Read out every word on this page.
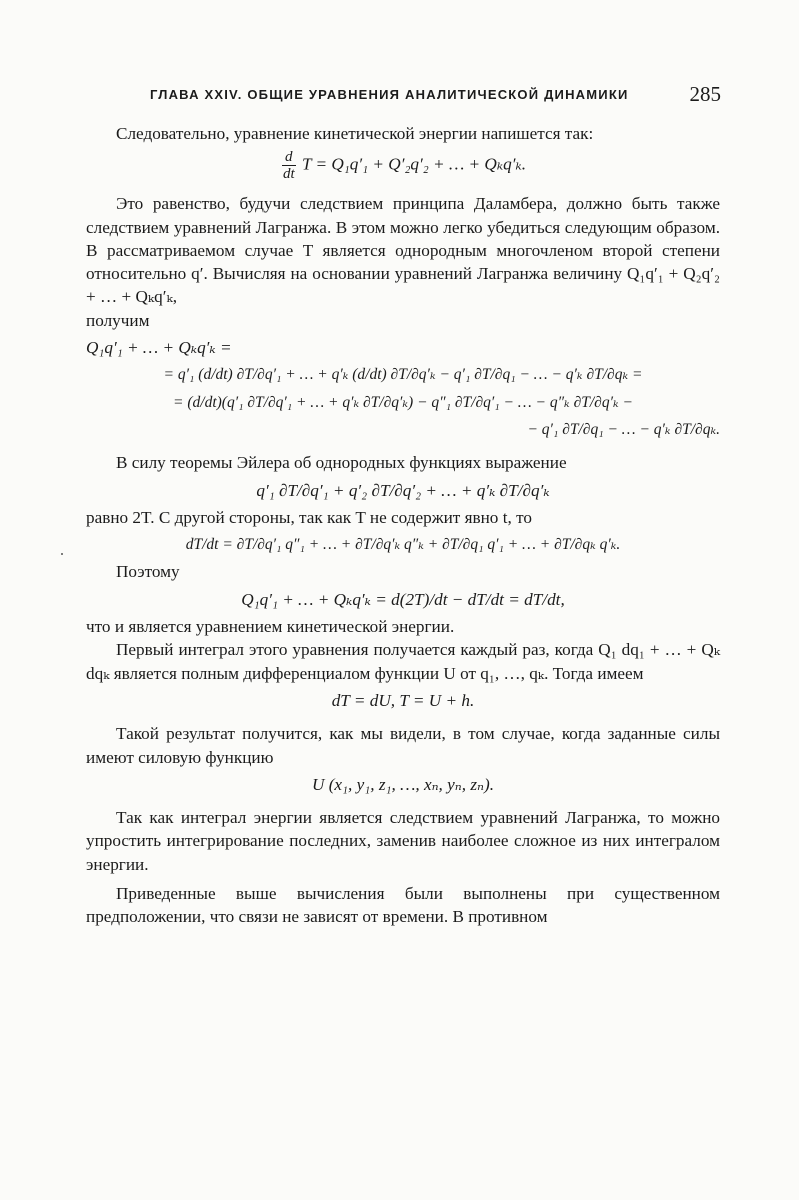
ГЛАВА XXIV. ОБЩИЕ УРАВНЕНИЯ АНАЛИТИЧЕСКОЙ ДИНАМИКИ	285

Следовательно, уравнение кинетической энергии напишется так:

$\frac{d}{dt}$ T = Q₁q′₁ + Q′₂q′₂ + … + Qₖq′ₖ.

Это равенство, будучи следствием принципа Даламбера, должно быть также следствием уравнений Лагранжа. В этом можно легко убедиться следующим образом. В рассматриваемом случае T является однородным многочленом второй степени относительно q′. Вычисляя на основании уравнений Лагранжа величину Q₁q′₁ + Q₂q′₂ + … + Qₖq′ₖ,

получим

Q₁q′₁ + … + Qₖq′ₖ =
= q′₁ (d/dt) ∂T/∂q′₁ + … + q′ₖ (d/dt) ∂T/∂q′ₖ − q′₁ ∂T/∂q₁ − … − q′ₖ ∂T/∂qₖ =
= (d/dt)(q′₁ ∂T/∂q′₁ + … + q′ₖ ∂T/∂q′ₖ) − q″₁ ∂T/∂q′₁ − … − q″ₖ ∂T/∂q′ₖ −
− q′₁ ∂T/∂q₁ − … − q′ₖ ∂T/∂qₖ.

В силу теоремы Эйлера об однородных функциях выражение

q′₁ ∂T/∂q′₁ + q′₂ ∂T/∂q′₂ + … + q′ₖ ∂T/∂q′ₖ

равно 2T. С другой стороны, так как T не содержит явно t, то

dT/dt = ∂T/∂q′₁ q″₁ + … + ∂T/∂q′ₖ q″ₖ + ∂T/∂q₁ q′₁ + … + ∂T/∂qₖ q′ₖ.

Поэтому

Q₁q′₁ + … + Qₖq′ₖ = d(2T)/dt − dT/dt = dT/dt,

что и является уравнением кинетической энергии.

Первый интеграл этого уравнения получается каждый раз, когда Q₁ dq₁ + … + Qₖ dqₖ является полным дифференциалом функции U от q₁, …, qₖ. Тогда имеем

dT = dU, T = U + h.

Такой результат получится, как мы видели, в том случае, когда заданные силы имеют силовую функцию

U (x₁, y₁, z₁, …, xₙ, yₙ, zₙ).

Так как интеграл энергии является следствием уравнений Лагранжа, то можно упростить интегрирование последних, заменив наиболее сложное из них интегралом энергии.

Приведенные выше вычисления были выполнены при существенном предположении, что связи не зависят от времени. В противном
